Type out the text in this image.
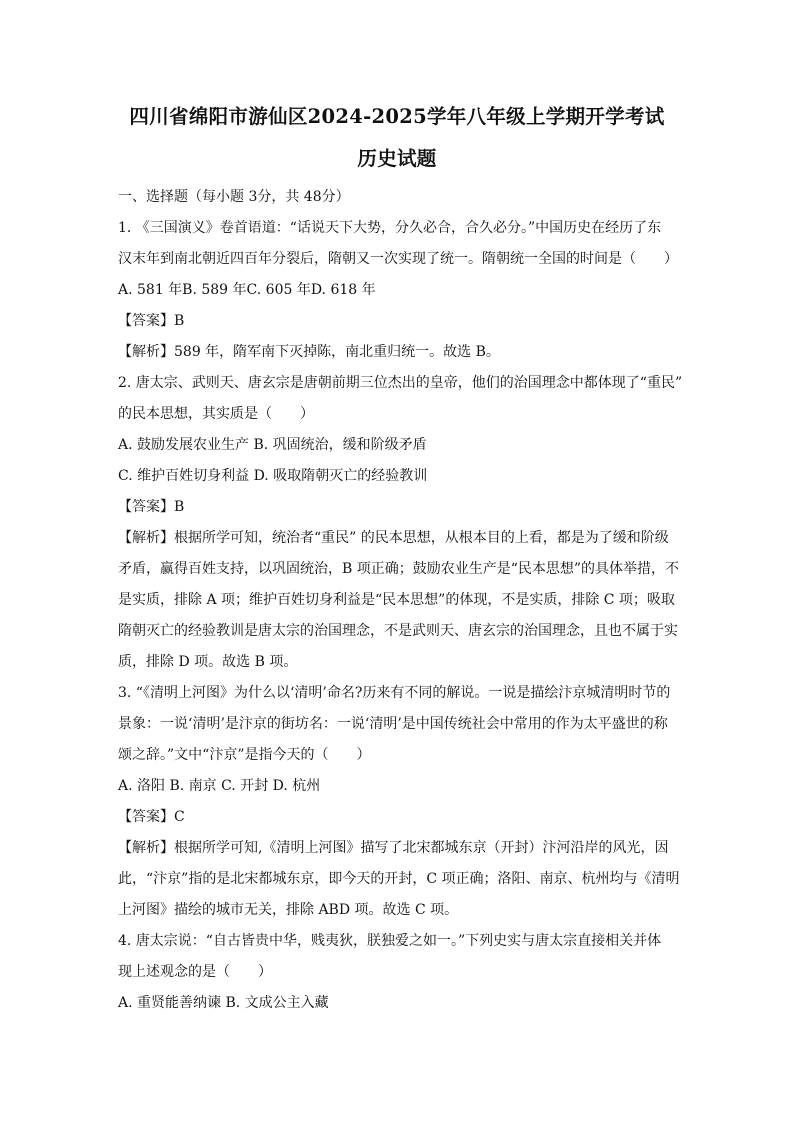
四川省绵阳市游仙区2024-2025学年八年级上学期开学考试
历史试题

一、选择题（每小题 3分，共 48分）

1. 《三国演义》卷首语道：“话说天下大势，分久必合，合久必分。”中国历史在经历了东

汉末年到南北朝近四百年分裂后，隋朝又一次实现了统一。隋朝统一全国的时间是（　　）

A. 581 年B. 589 年C. 605 年D. 618 年

【答案】B

【解析】589 年，隋军南下灭掉陈，南北重归统一。故选 B。

2. 唐太宗、武则天、唐玄宗是唐朝前期三位杰出的皇帝，他们的治国理念中都体现了“重民”

的民本思想，其实质是（　　）

A. 鼓励发展农业生产 B. 巩固统治，缓和阶级矛盾

C. 维护百姓切身利益 D. 吸取隋朝灭亡的经验教训

【答案】B

【解析】根据所学可知，统治者“重民” 的民本思想，从根本目的上看，都是为了缓和阶级

矛盾，赢得百姓支持，以巩固统治，B 项正确；鼓励农业生产是“民本思想”的具体举措，不

是实质，排除 A 项；维护百姓切身利益是“民本思想”的体现，不是实质，排除 C 项；吸取

隋朝灭亡的经验教训是唐太宗的治国理念，不是武则天、唐玄宗的治国理念，且也不属于实

质，排除 D 项。故选 B 项。

3. “《清明上河图》为什么以‘清明’命名?历来有不同的解说。一说是描绘汴京城清明时节的

景象：一说‘清明’是汴京的街坊名：一说‘清明’是中国传统社会中常用的作为太平盛世的称

颂之辞。”文中“汴京”是指今天的（　　）

A. 洛阳 B. 南京 C. 开封 D. 杭州

【答案】C

【解析】根据所学可知,《清明上河图》描写了北宋都城东京（开封）汴河沿岸的风光，因

此，“汴京”指的是北宋都城东京，即今天的开封，C 项正确；洛阳、南京、杭州均与《清明

上河图》描绘的城市无关，排除 ABD 项。故选 C 项。

4. 唐太宗说：“自古皆贵中华，贱夷狄，朕独爱之如一。”下列史实与唐太宗直接相关并体

现上述观念的是（　　）

A. 重贤能善纳谏 B. 文成公主入藏
